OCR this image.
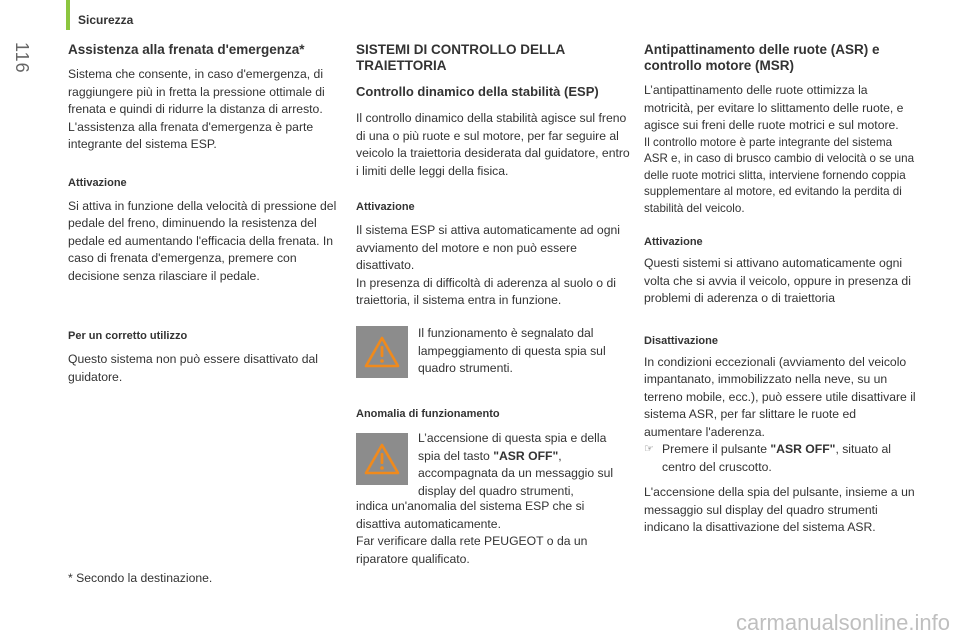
Sicurezza
116	Assistenza alla frenata d'emergenza*

Sistema che consente, in caso d'emergenza, di raggiungere più in fretta la pressione ottimale di frenata e quindi di ridurre la distanza di arresto. L'assistenza alla frenata d'emergenza è parte integrante del sistema ESP.

Attivazione

Si attiva in funzione della velocità di pressione del pedale del freno, diminuendo la resistenza del pedale ed aumentando l'efficacia della frenata. In caso di frenata d'emergenza, premere con decisione senza rilasciare il pedale.

Per un corretto utilizzo

Questo sistema non può essere disattivato dal guidatore.

* Secondo la destinazione.
SISTEMI DI CONTROLLO DELLA TRAIETTORIA
Controllo dinamico della stabilità (ESP)

Il controllo dinamico della stabilità agisce sul freno di una o più ruote e sul motore, per far seguire al veicolo la traiettoria desiderata dal guidatore, entro i limiti delle leggi della fisica.

Attivazione

Il sistema ESP si attiva automaticamente ad ogni avviamento del motore e non può essere disattivato.

In presenza di difficoltà di aderenza al suolo o di traiettoria, il sistema entra in funzione.

Il funzionamento è segnalato dal lampeggiamento di questa spia sul quadro strumenti.

Anomalia di funzionamento

L’accensione di questa spia e della spia del tasto "ASR OFF", accompagnata da un messaggio sul display del quadro strumenti,

indica un'anomalia del sistema ESP che si disattiva automaticamente.

Far verificare dalla rete PEUGEOT o da un riparatore qualificato.

Antipattinamento delle ruote (ASR) e controllo motore (MSR)

L’antipattinamento delle ruote ottimizza la motricità, per evitare lo slittamento delle ruote, e agisce sui freni delle ruote motrici e sul motore.

Il controllo motore è parte integrante del sistema ASR e, in caso di brusco cambio di velocità o se una delle ruote motrici slitta, interviene fornendo coppia supplementare al motore, ed evitando la perdita di stabilità del veicolo.

Attivazione

Questi sistemi si attivano automaticamente ogni volta che si avvia il veicolo, oppure in presenza di problemi di aderenza o di traiettoria

Disattivazione

In condizioni eccezionali (avviamento del veicolo impantanato, immobilizzato nella neve, su un terreno mobile, ecc.), può essere utile disattivare il sistema ASR, per far slittare le ruote ed aumentare l'aderenza.

☞ Premere il pulsante "ASR OFF", situato al centro del cruscotto.

L'accensione della spia del pulsante, insieme a un messaggio sul display del quadro strumenti indicano la disattivazione del sistema ASR.

carmanualsonline.info
